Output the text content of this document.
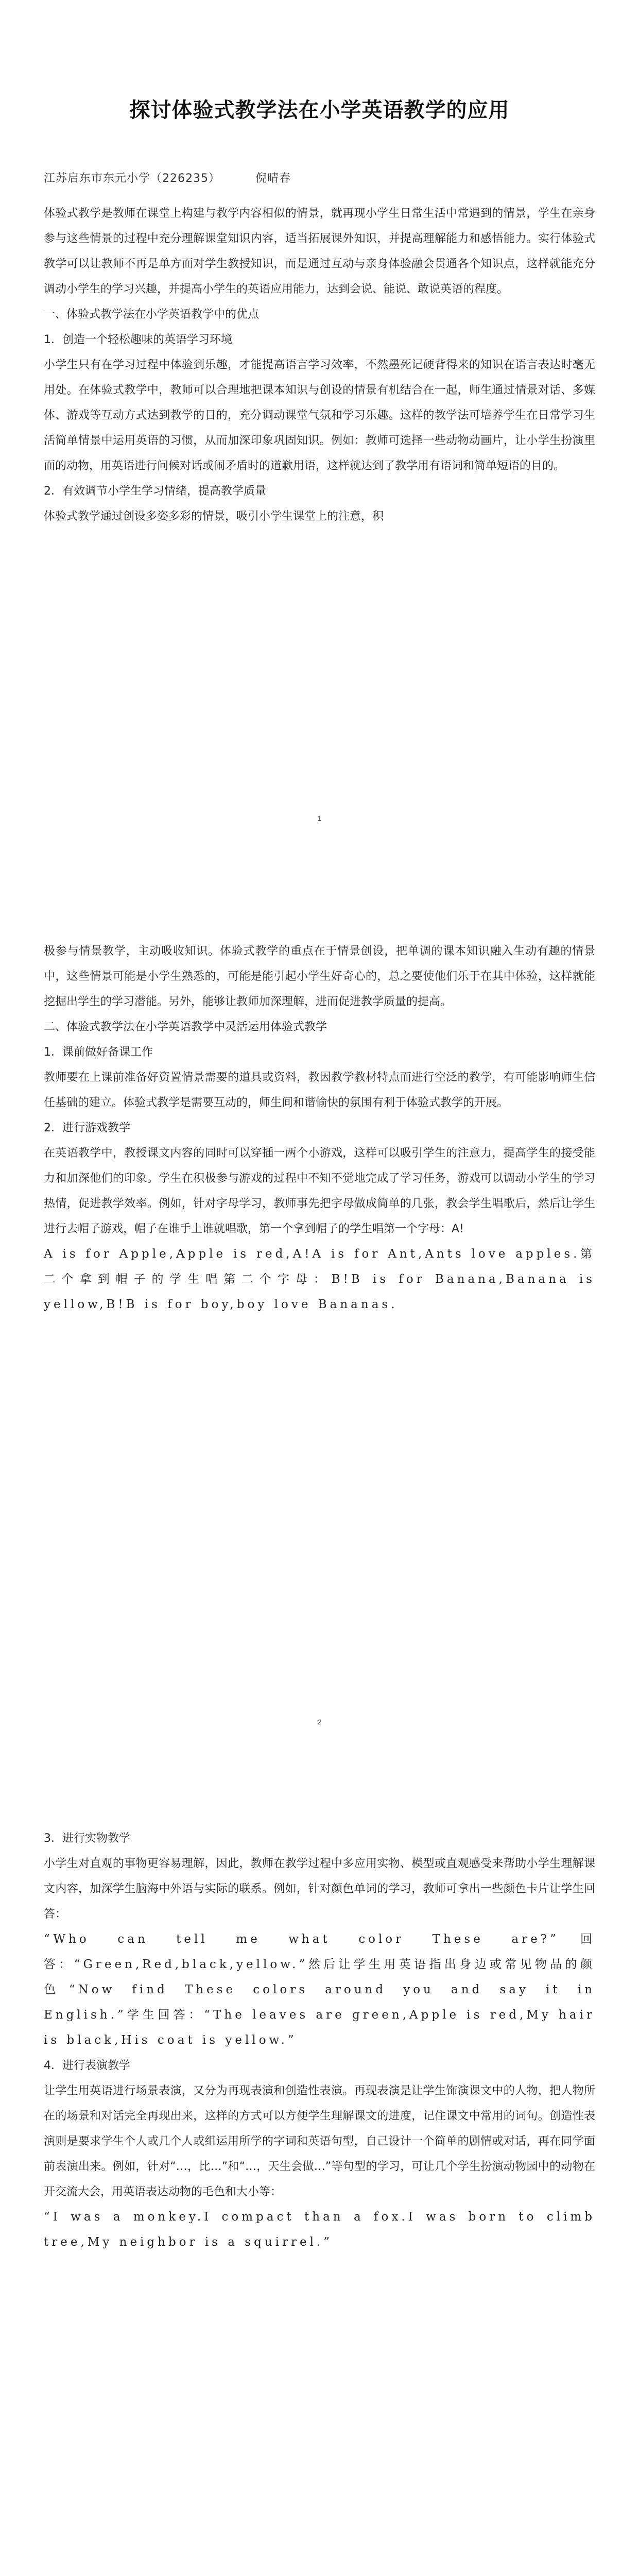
探讨体验式教学法在小学英语教学的应用
江苏启东市东元小学（226235）	倪晴春

体验式教学是教师在课堂上构建与教学内容相似的情景，就再现小学生日常生活中常遇到的情景，学生在亲身参与这些情景的过程中充分理解课堂知识内容，适当拓展课外知识，并提高理解能力和感悟能力。实行体验式教学可以让教师不再是单方面对学生教授知识，而是通过互动与亲身体验融会贯通各个知识点，这样就能充分调动小学生的学习兴趣，并提高小学生的英语应用能力，达到会说、能说、敢说英语的程度。

一、体验式教学法在小学英语教学中的优点

1．创造一个轻松趣味的英语学习环境

小学生只有在学习过程中体验到乐趣，才能提高语言学习效率，不然墨死记硬背得来的知识在语言表达时毫无用处。在体验式教学中，教师可以合理地把课本知识与创设的情景有机结合在一起，师生通过情景对话、多媒体、游戏等互动方式达到教学的目的，充分调动课堂气氛和学习乐趣。这样的教学法可培养学生在日常学习生活简单情景中运用英语的习惯，从而加深印象巩固知识。例如：教师可选择一些动物动画片，让小学生扮演里面的动物，用英语进行问候对话或闹矛盾时的道歉用语，这样就达到了教学用有语词和简单短语的目的。

2．有效调节小学生学习情绪，提高教学质量

体验式教学通过创设多姿多彩的情景，吸引小学生课堂上的注意，积

1

极参与情景教学，主动吸收知识。体验式教学的重点在于情景创设，把单调的课本知识融入生动有趣的情景中，这些情景可能是小学生熟悉的，可能是能引起小学生好奇心的，总之要使他们乐于在其中体验，这样就能挖掘出学生的学习潜能。另外，能够让教师加深理解，进而促进教学质量的提高。

二、体验式教学法在小学英语教学中灵活运用体验式教学

1．课前做好备课工作

教师要在上课前准备好资置情景需要的道具或资料，教因教学教材特点而进行空泛的教学，有可能影响师生信任基础的建立。体验式教学是需要互动的，师生间和谐愉快的氛围有利于体验式教学的开展。

2．进行游戏教学

在英语教学中，教授课文内容的同时可以穿插一两个小游戏，这样可以吸引学生的注意力，提高学生的接受能力和加深他们的印象。学生在积极参与游戏的过程中不知不觉地完成了学习任务，游戏可以调动小学生的学习热情，促进教学效率。例如，针对字母学习，教师事先把字母做成简单的几张，教会学生唱歌后，然后让学生进行去帽子游戏，帽子在谁手上谁就唱歌，第一个拿到帽子的学生唱第一个字母：A!

A is for Apple,Apple is red,A!A is for Ant,Ants love apples.第二个拿到帽子的学生唱第二个字母：B!B is for Banana,Banana is yellow,B!B is for boy,boy love Bananas.

2

3．进行实物教学

小学生对直观的事物更容易理解，因此，教师在教学过程中多应用实物、模型或直观感受来帮助小学生理解课文内容，加深学生脑海中外语与实际的联系。例如，针对颜色单词的学习，教师可拿出一些颜色卡片让学生回答：

“Who can tell me what color These are?”回答：“Green,Red,black,yellow.”然后让学生用英语指出身边或常见物品的颜色“Now find These colors around you and say it in English.”学生回答：“The leaves are green,Apple is red,My hair is black,His coat is yellow.”

4．进行表演教学

让学生用英语进行场景表演，又分为再现表演和创造性表演。再现表演是让学生饰演课文中的人物，把人物所在的场景和对话完全再现出来，这样的方式可以方便学生理解课文的进度，记住课文中常用的词句。创造性表演则是要求学生个人或几个人或组运用所学的字词和英语句型，自己设计一个简单的剧情或对话，再在同学面前表演出来。例如，针对“…，比…”和“…，天生会做…”等句型的学习，可让几个学生扮演动物园中的动物在开交流大会，用英语表达动物的毛色和大小等：

“I was a monkey.I compact than a fox.I was born to climb tree,My neighbor is a squirrel.”
